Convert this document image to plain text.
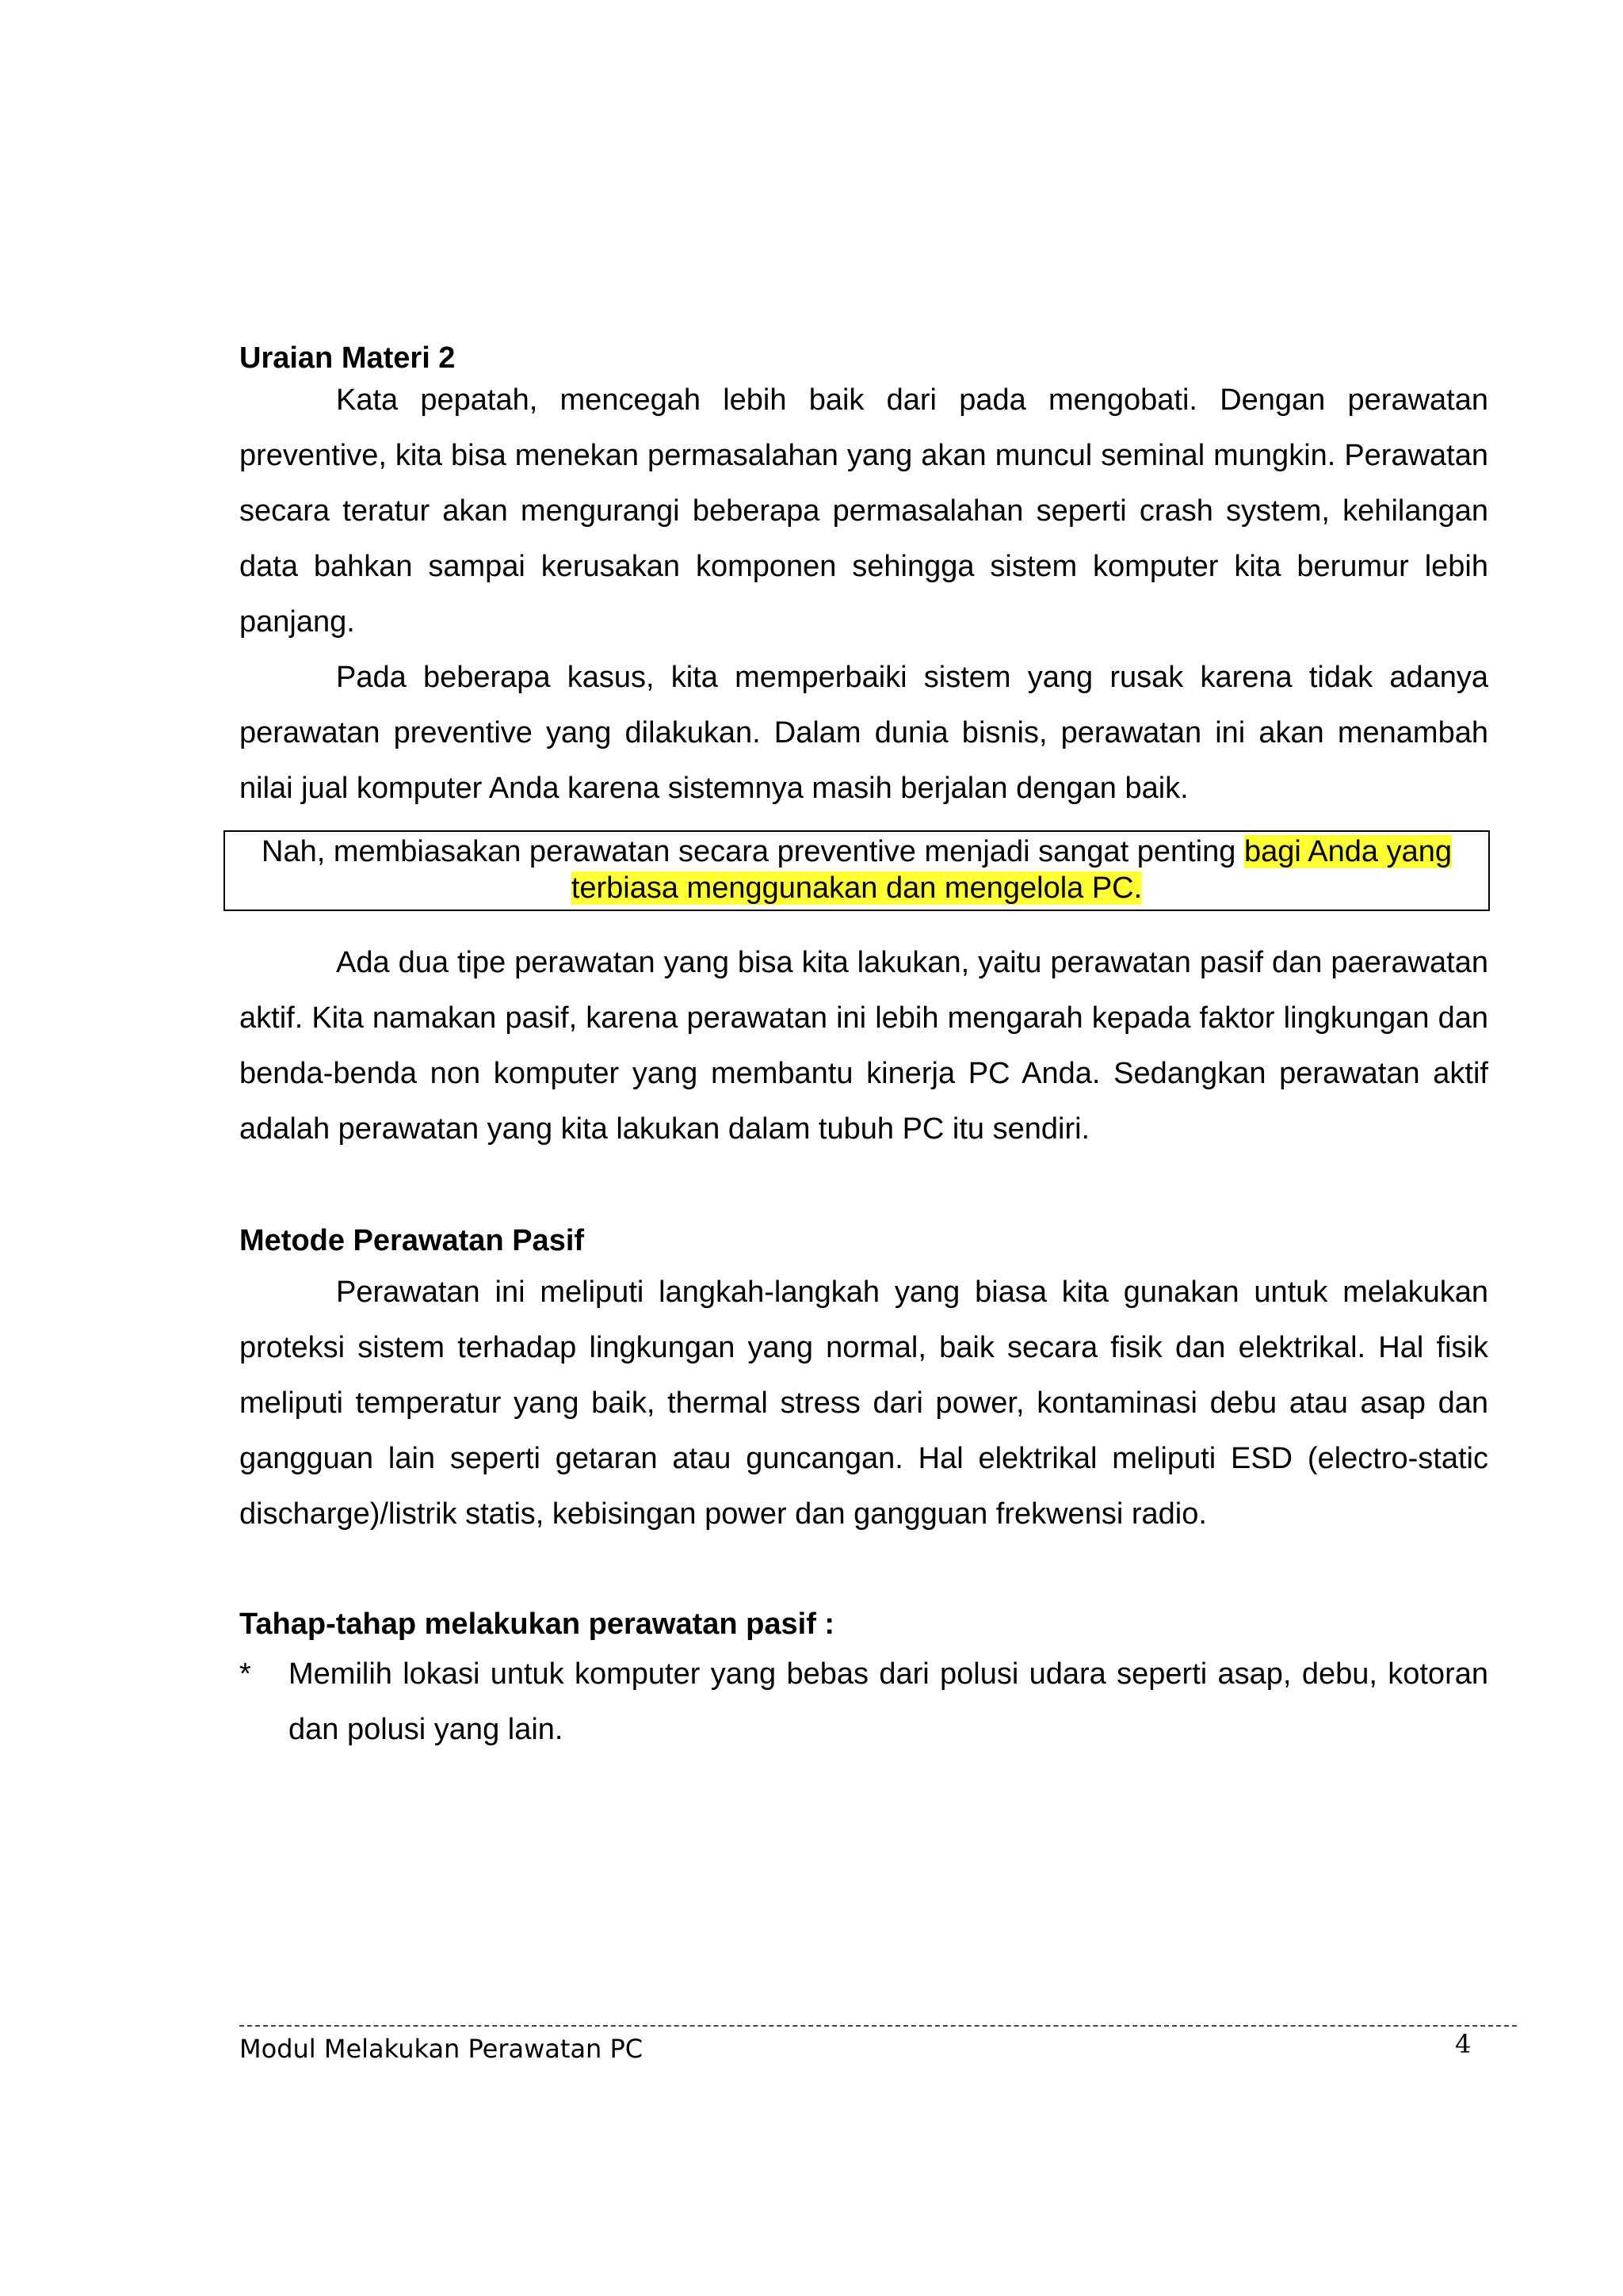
Uraian Materi 2

Kata pepatah, mencegah lebih baik dari pada mengobati. Dengan perawatan preventive, kita bisa menekan permasalahan yang akan muncul seminal mungkin. Perawatan secara teratur akan mengurangi beberapa permasalahan seperti crash system, kehilangan data bahkan sampai kerusakan komponen sehingga sistem komputer kita berumur lebih panjang.

Pada beberapa kasus, kita memperbaiki sistem yang rusak karena tidak adanya perawatan preventive yang dilakukan. Dalam dunia bisnis, perawatan ini akan menambah nilai jual komputer Anda karena sistemnya masih berjalan dengan baik.

Nah, membiasakan perawatan secara preventive menjadi sangat penting bagi Anda yang terbiasa menggunakan dan mengelola PC.

Ada dua tipe perawatan yang bisa kita lakukan, yaitu perawatan pasif dan paerawatan aktif. Kita namakan pasif, karena perawatan ini lebih mengarah kepada faktor lingkungan dan benda-benda non komputer yang membantu kinerja PC Anda. Sedangkan perawatan aktif adalah perawatan yang kita lakukan dalam tubuh PC itu sendiri.

Metode Perawatan Pasif

Perawatan ini meliputi langkah-langkah yang biasa kita gunakan untuk melakukan proteksi sistem terhadap lingkungan yang normal, baik secara fisik dan elektrikal. Hal fisik meliputi temperatur yang baik, thermal stress dari power, kontaminasi debu atau asap dan gangguan lain seperti getaran atau guncangan. Hal elektrikal meliputi ESD (electro-static discharge)/listrik statis, kebisingan power dan gangguan frekwensi radio.

Tahap-tahap melakukan perawatan pasif :
* Memilih lokasi untuk komputer yang bebas dari polusi udara seperti asap, debu, kotoran dan polusi yang lain.
Modul Melakukan Perawatan PC	4
